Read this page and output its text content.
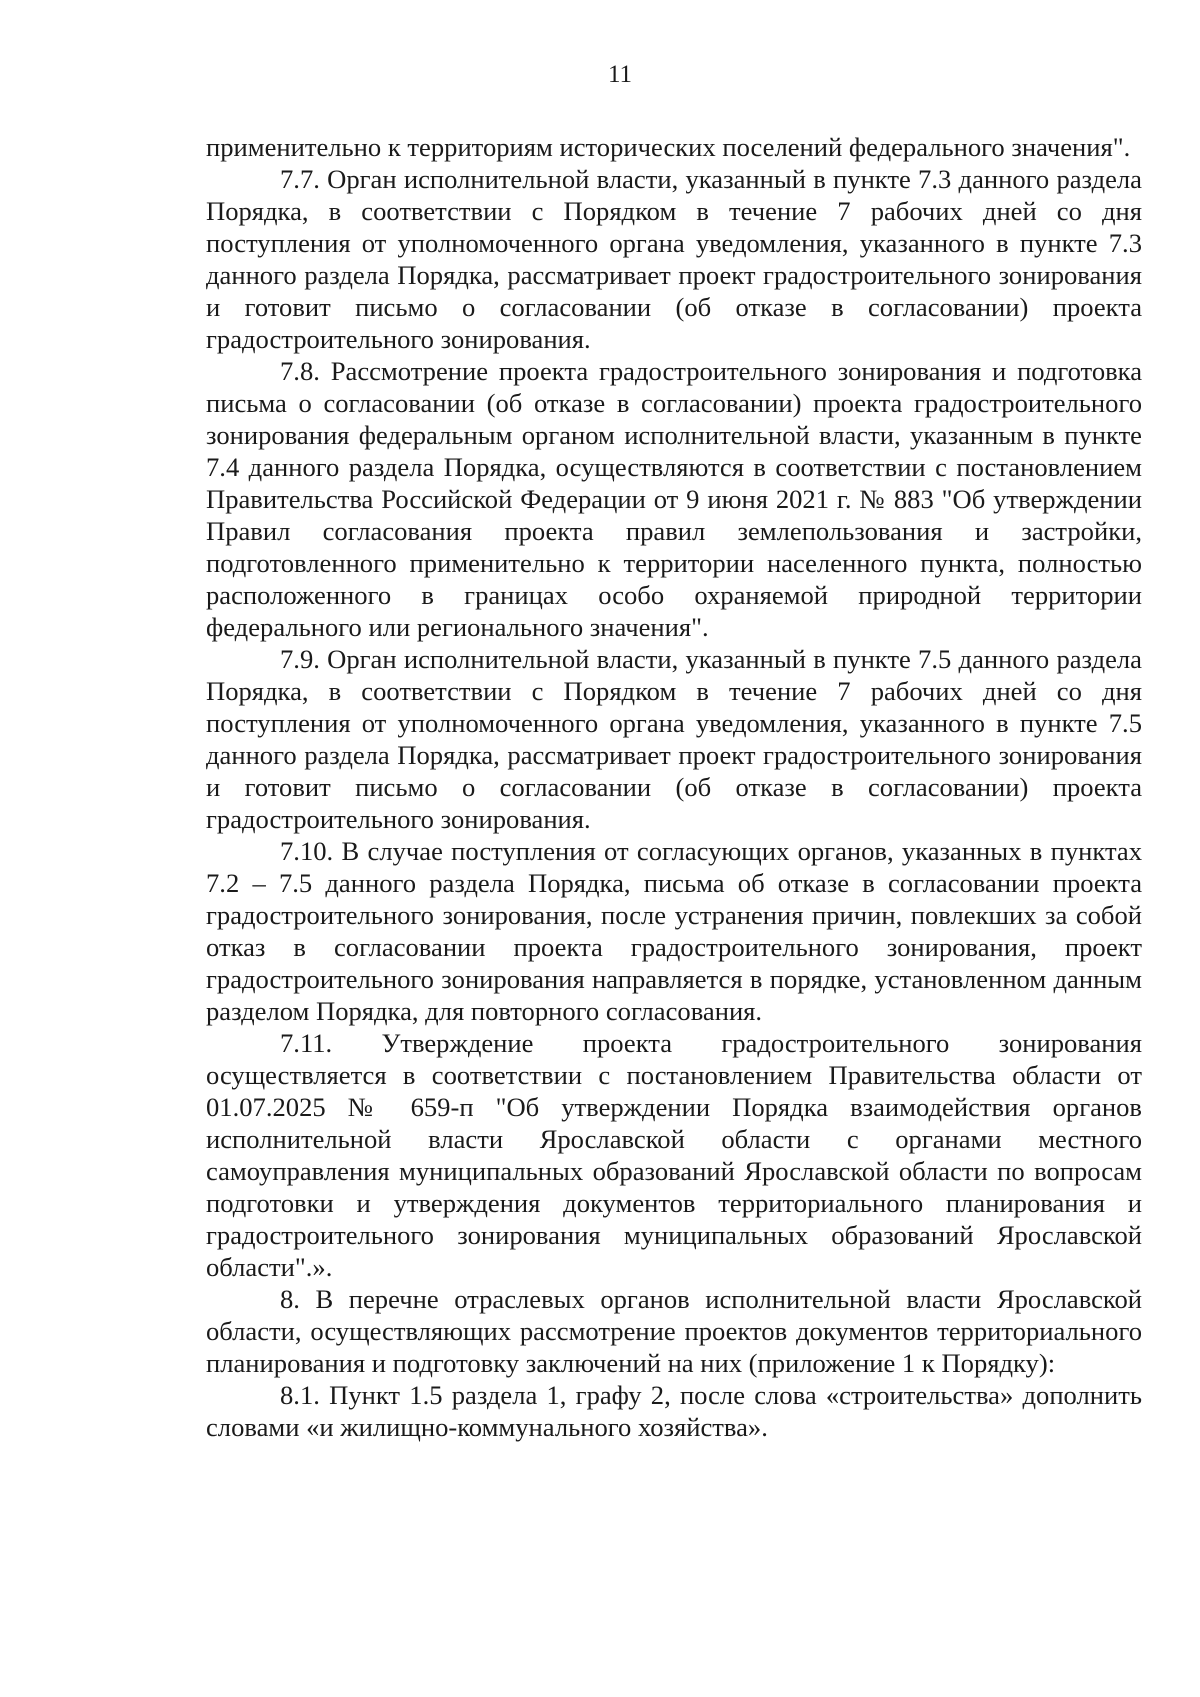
11

применительно к территориям исторических поселений федерального значения".

7.7. Орган исполнительной власти, указанный в пункте 7.3 данного раздела Порядка, в соответствии с Порядком в течение 7 рабочих дней со дня поступления от уполномоченного органа уведомления, указанного в пункте 7.3 данного раздела Порядка, рассматривает проект градостроительного зонирования и готовит письмо о согласовании (об отказе в согласовании) проекта градостроительного зонирования.

7.8. Рассмотрение проекта градостроительного зонирования и подготовка письма о согласовании (об отказе в согласовании) проекта градостроительного зонирования федеральным органом исполнительной власти, указанным в пункте 7.4 данного раздела Порядка, осуществляются в соответствии с постановлением Правительства Российской Федерации от 9 июня 2021 г. № 883 "Об утверждении Правил согласования проекта правил землепользования и застройки, подготовленного применительно к территории населенного пункта, полностью расположенного в границах особо охраняемой природной территории федерального или регионального значения".

7.9. Орган исполнительной власти, указанный в пункте 7.5 данного раздела Порядка, в соответствии с Порядком в течение 7 рабочих дней со дня поступления от уполномоченного органа уведомления, указанного в пункте 7.5 данного раздела Порядка, рассматривает проект градостроительного зонирования и готовит письмо о согласовании (об отказе в согласовании) проекта градостроительного зонирования.

7.10. В случае поступления от согласующих органов, указанных в пунктах 7.2 – 7.5 данного раздела Порядка, письма об отказе в согласовании проекта градостроительного зонирования, после устранения причин, повлекших за собой отказ в согласовании проекта градостроительного зонирования, проект градостроительного зонирования направляется в порядке, установленном данным разделом Порядка, для повторного согласования.

7.11. Утверждение проекта градостроительного зонирования осуществляется в соответствии с постановлением Правительства области от 01.07.2025 № 659-п "Об утверждении Порядка взаимодействия органов исполнительной власти Ярославской области с органами местного самоуправления муниципальных образований Ярославской области по вопросам подготовки и утверждения документов территориального планирования и градостроительного зонирования муниципальных образований Ярославской области".».

8. В перечне отраслевых органов исполнительной власти Ярославской области, осуществляющих рассмотрение проектов документов территориального планирования и подготовку заключений на них (приложение 1 к Порядку):

8.1. Пункт 1.5 раздела 1, графу 2, после слова «строительства» дополнить словами «и жилищно-коммунального хозяйства».
